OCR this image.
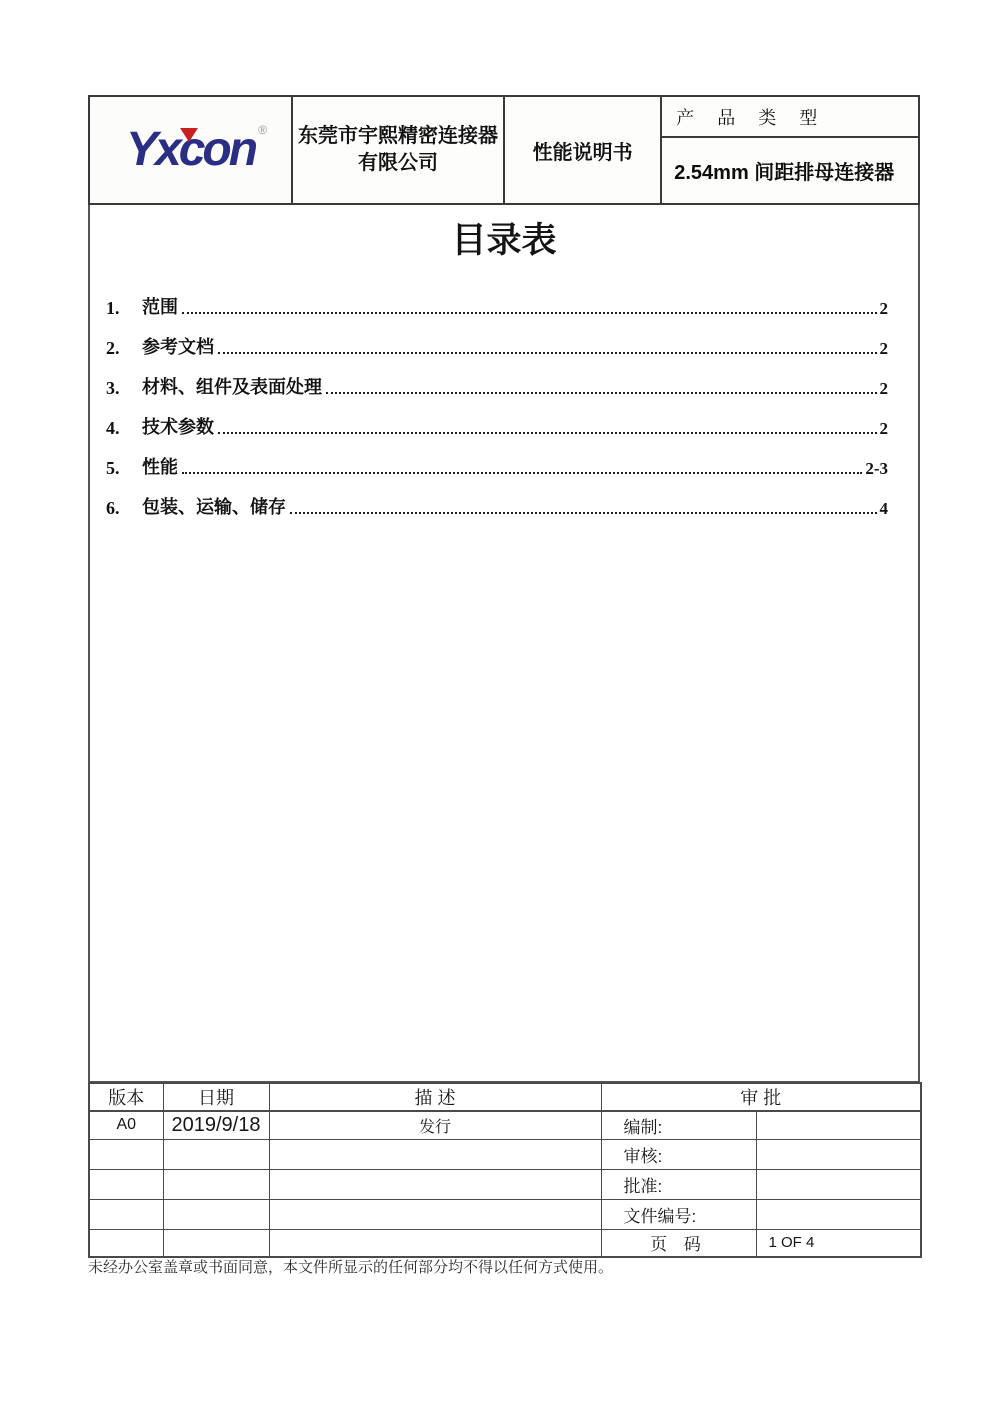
Yxcon ® 东莞市宇熙精密连接器
有限公司	性能说明书
产 品 类 型
2.54mm 间距排母连接器
目录表
1.	范围	2
2.	参考文档	2
3.	材料、组件及表面处理	2
4.	技术参数	2
5.	性能	2-3
6.	包装、运输、储存	4
版本	日期	描 述	审 批	
A0	2019/9/18	发行	编制:	
			审核:	
			批准:	
			文件编号:	
			页 码	1 OF 4
未经办公室盖章或书面同意，本文件所显示的任何部分均不得以任何方式使用。
